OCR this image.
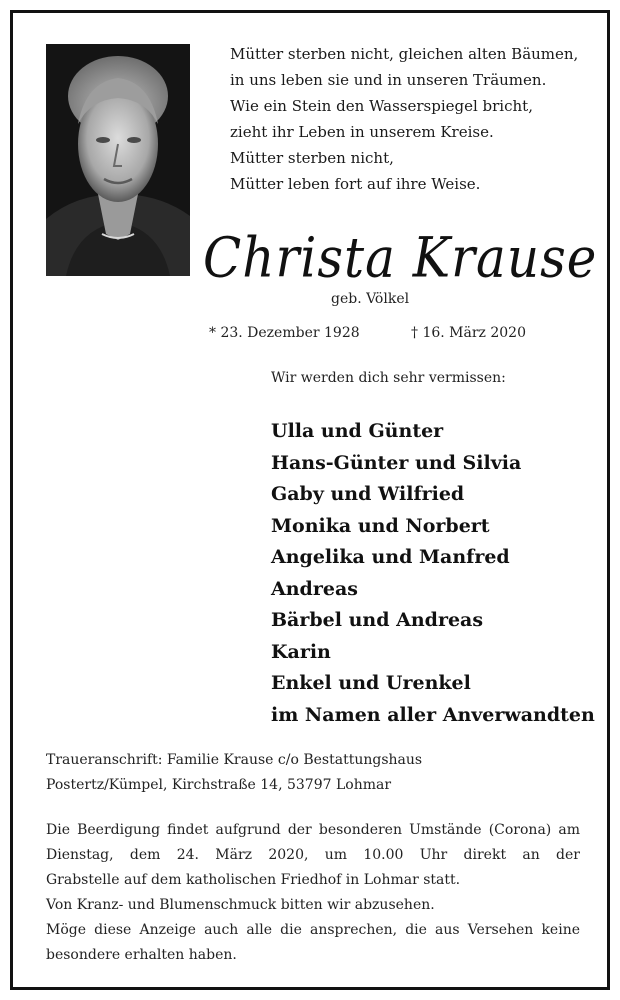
Mütter sterben nicht, gleichen alten Bäumen,
in uns leben sie und in unseren Träumen.
Wie ein Stein den Wasserspiegel bricht,
zieht ihr Leben in unserem Kreise.
Mütter sterben nicht,
Mütter leben fort auf ihre Weise.
Christa Krause
geb. Völkel
* 23. Dezember 1928	† 16. März 2020
Wir werden dich sehr vermissen:
Ulla und Günter
Hans-Günter und Silvia
Gaby und Wilfried
Monika und Norbert
Angelika und Manfred
Andreas
Bärbel und Andreas
Karin
Enkel und Urenkel
im Namen aller Anverwandten
Traueranschrift: Familie Krause c/o Bestattungshaus
Postertz/Kümpel, Kirchstraße 14, 53797 Lohmar
Die Beerdigung findet aufgrund der besonderen Umstände (Corona) am
Dienstag, dem 24. März 2020, um 10.00 Uhr direkt an der
Grabstelle auf dem katholischen Friedhof in Lohmar statt.
Von Kranz- und Blumenschmuck bitten wir abzusehen.
Möge diese Anzeige auch alle die ansprechen, die aus Versehen keine
besondere erhalten haben.
